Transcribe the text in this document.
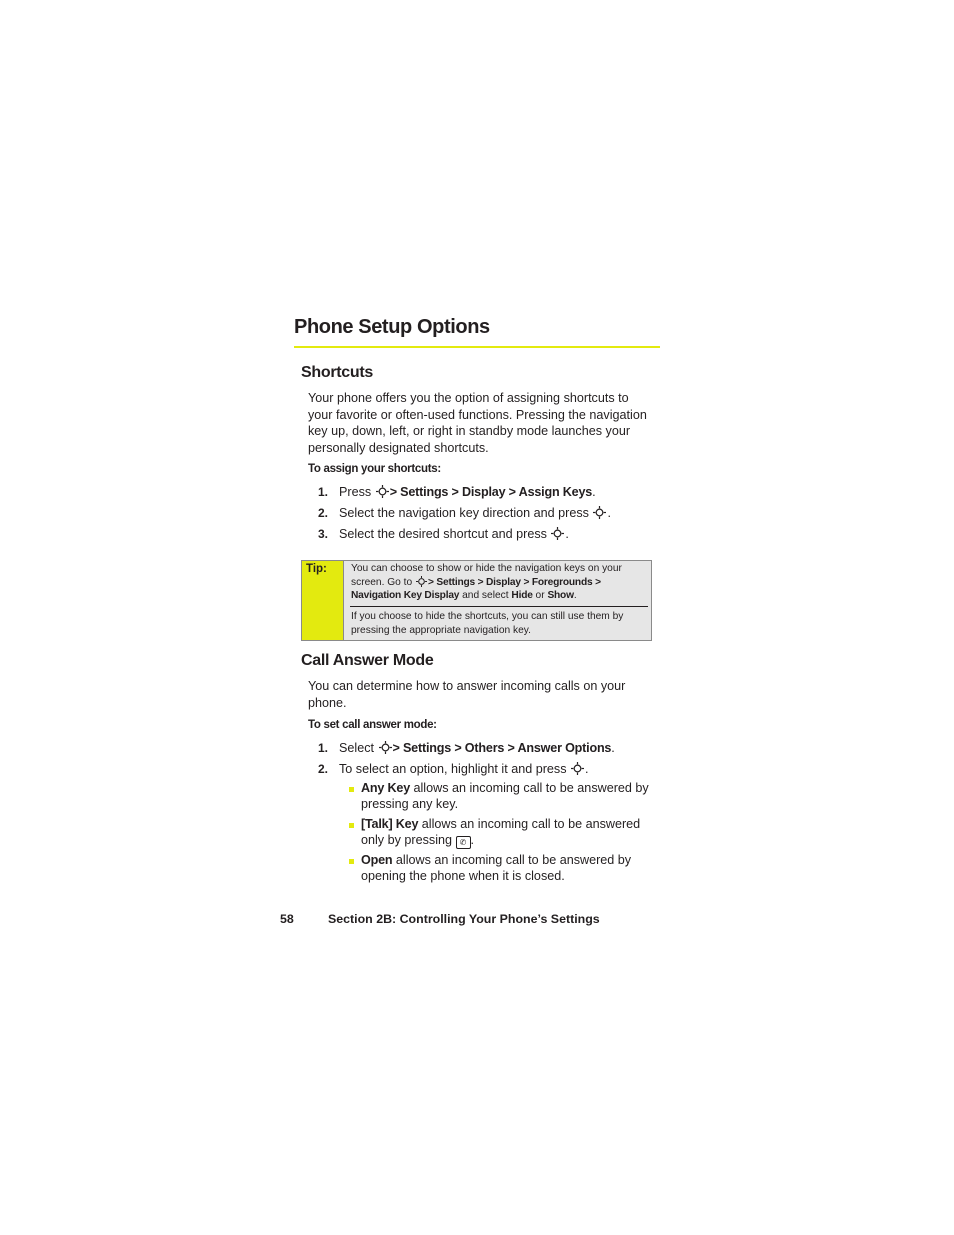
Phone Setup Options
Shortcuts
Your phone offers you the option of assigning shortcuts to
your favorite or often-used functions. Pressing the navigation
key up, down, left, or right in standby mode launches your
personally designated shortcuts.

To assign your shortcuts:

1. Press > Settings > Display > Assign Keys.
2. Select the navigation key direction and press .
3. Select the desired shortcut and press .
Tip: You can choose to show or hide the navigation keys on your
screen. Go to > Settings > Display > Foregrounds >
Navigation Key Display and select Hide or Show.
If you choose to hide the shortcuts, you can still use them by
pressing the appropriate navigation key.
Call Answer Mode
You can determine how to answer incoming calls on your
phone.

To set call answer mode:

1. Select > Settings > Others > Answer Options.
2. To select an option, highlight it and press .
Any Key allows an incoming call to be answered by
pressing any key.
[Talk] Key allows an incoming call to be answered
only by pressing ✆ .
Open allows an incoming call to be answered by
opening the phone when it is closed.
58	Section 2B: Controlling Your Phone’s Settings
